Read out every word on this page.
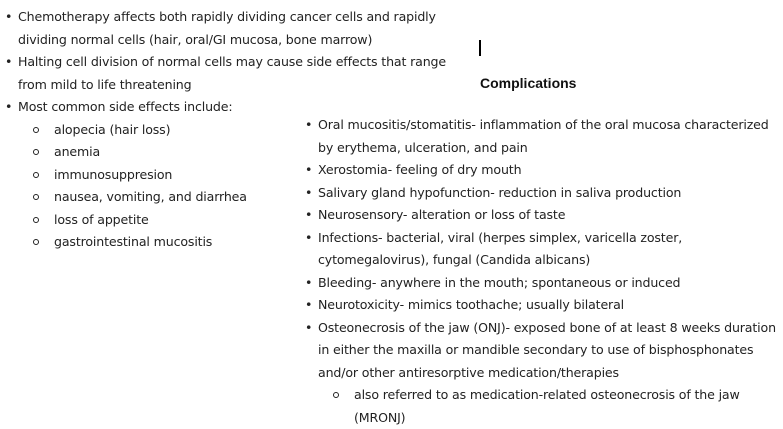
• Chemotherapy affects both rapidly dividing cancer cells and rapidly dividing normal cells (hair, oral/GI mucosa, bone marrow)
• Halting cell division of normal cells may cause side effects that range from mild to life threatening
• Most common side effects include:
alopecia (hair loss)
anemia
immunosuppresion
nausea, vomiting, and diarrhea
loss of appetite
gastrointestinal mucositis
Complications
• Oral mucositis/stomatitis- inflammation of the oral mucosa characterized by erythema, ulceration, and pain
• Xerostomia- feeling of dry mouth
• Salivary gland hypofunction- reduction in saliva production
• Neurosensory- alteration or loss of taste
• Infections- bacterial, viral (herpes simplex, varicella zoster, cytomegalovirus), fungal (Candida albicans)
• Bleeding- anywhere in the mouth; spontaneous or induced
• Neurotoxicity- mimics toothache; usually bilateral
• Osteonecrosis of the jaw (ONJ)- exposed bone of at least 8 weeks duration in either the maxilla or mandible secondary to use of bisphosphonates and/or other antiresorptive medication/therapies
also referred to as medication-related osteonecrosis of the jaw (MRONJ)
